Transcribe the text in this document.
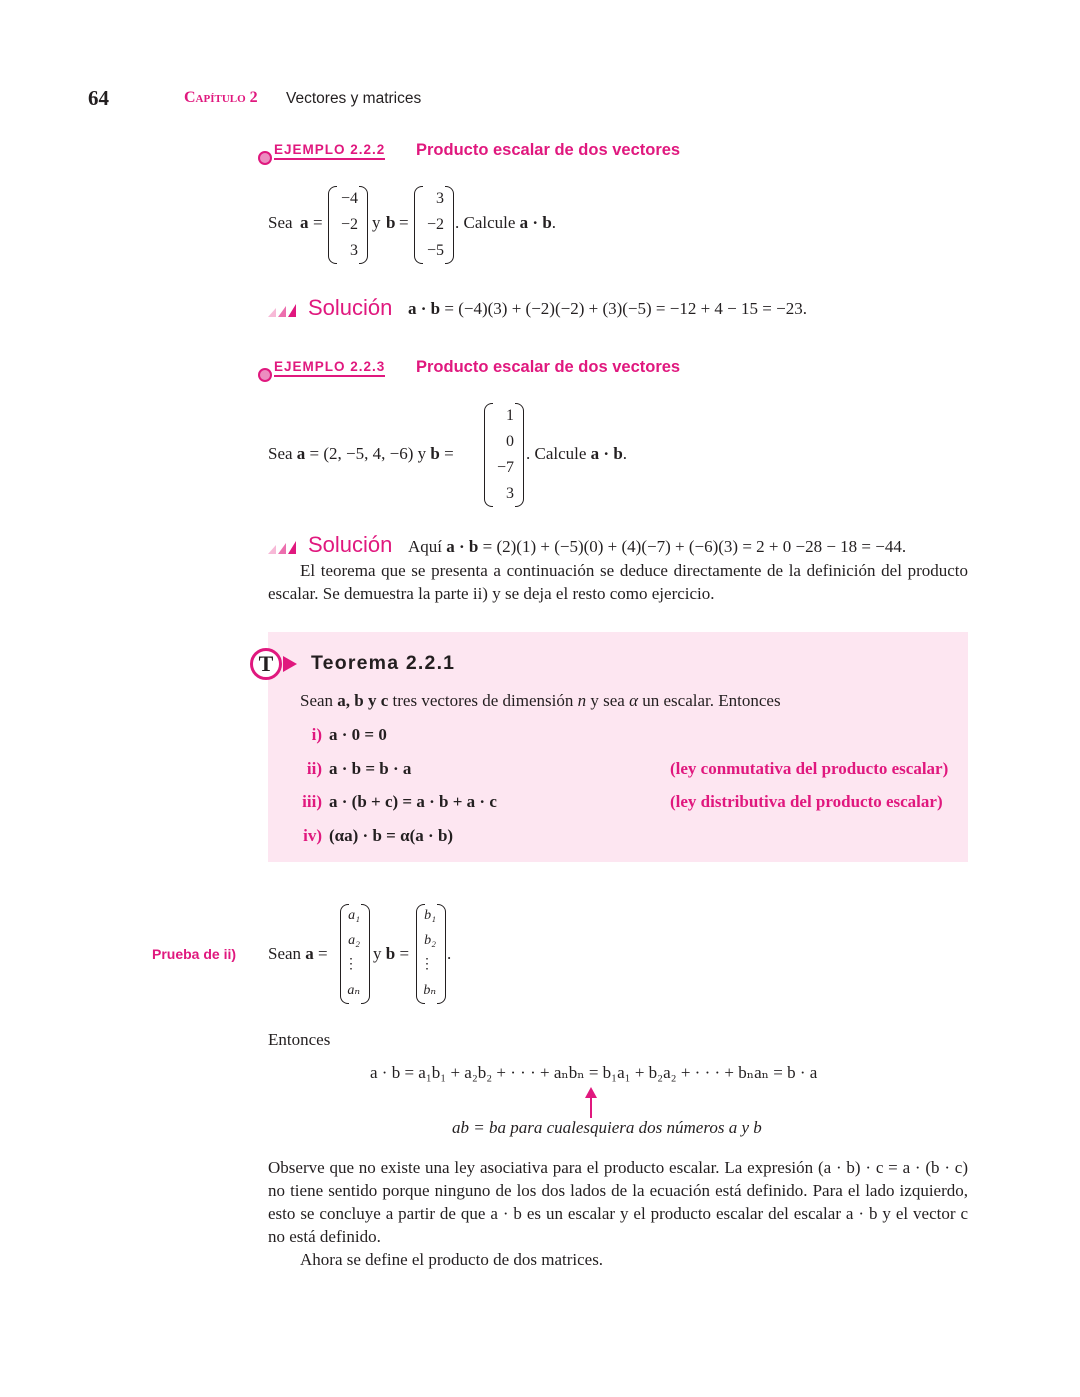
64	Capítulo 2 Vectores y matrices
EJEMPLO 2.2.2 Producto escalar de dos vectores
Sea a =
−4
−2
3
y b =
3
−2
−5
. Calcule a · b.
Solución a · b = (−4)(3) + (−2)(−2) + (3)(−5) = −12 + 4 − 15 = −23.
EJEMPLO 2.2.3 Producto escalar de dos vectores
Sea a = (2, −5, 4, −6) y b =
1
0
−7
3
. Calcule a · b.
Solución Aquí a · b = (2)(1) + (−5)(0) + (4)(−7) + (−6)(3) = 2 + 0 −28 − 18 = −44.
El teorema que se presenta a continuación se deduce directamente de la definición del producto escalar. Se demuestra la parte ii) y se deja el resto como ejercicio.
T	Teorema 2.2.1
Sean a, b y c tres vectores de dimensión n y sea α un escalar. Entonces
i) a · 0 = 0
ii) a · b = b · a	(ley conmutativa del producto escalar)
iii) a · (b + c) = a · b + a · c	(ley distributiva del producto escalar)
iv) (αa) · b = α(a · b)
Prueba de ii) Sean a =
a₁
a₂
⋮
aₙ
y b =
b₁
b₂
⋮
bₙ
.
Entonces
a · b = a₁b₁ + a₂b₂ + · · · + aₙbₙ = b₁a₁ + b₂a₂ + · · · + bₙaₙ = b · a
ab = ba para cualesquiera dos números a y b
Observe que no existe una ley asociativa para el producto escalar. La expresión (a · b) · c = a · (b · c) no tiene sentido porque ninguno de los dos lados de la ecuación está definido. Para el lado izquierdo, esto se concluye a partir de que a · b es un escalar y el producto escalar del escalar a · b y el vector c no está definido.
Ahora se define el producto de dos matrices.
